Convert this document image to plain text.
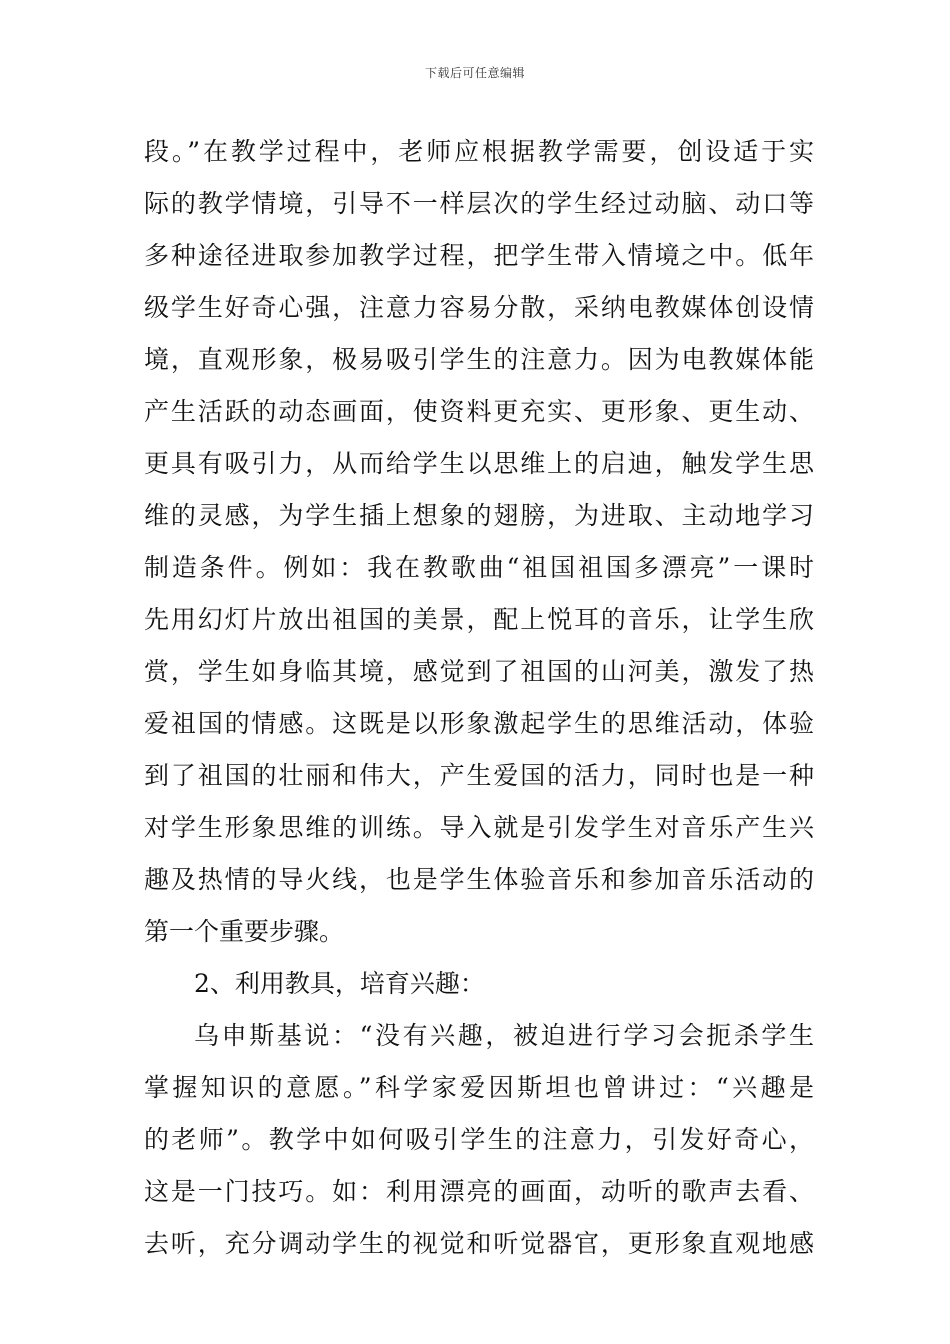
下载后可任意编辑
段。”在教学过程中，老师应根据教学需要，创设适于实
际的教学情境，引导不一样层次的学生经过动脑、动口等
多种途径进取参加教学过程，把学生带入情境之中。低年
级学生好奇心强，注意力容易分散，采纳电教媒体创设情
境，直观形象，极易吸引学生的注意力。因为电教媒体能
产生活跃的动态画面，使资料更充实、更形象、更生动、
更具有吸引力，从而给学生以思维上的启迪，触发学生思
维的灵感，为学生插上想象的翅膀，为进取、主动地学习
制造条件。例如：我在教歌曲“祖国祖国多漂亮”一课时
先用幻灯片放出祖国的美景，配上悦耳的音乐，让学生欣
赏，学生如身临其境，感觉到了祖国的山河美，激发了热
爱祖国的情感。这既是以形象激起学生的思维活动，体验
到了祖国的壮丽和伟大，产生爱国的活力，同时也是一种
对学生形象思维的训练。导入就是引发学生对音乐产生兴
趣及热情的导火线，也是学生体验音乐和参加音乐活动的
第一个重要步骤。
2、利用教具，培育兴趣：
乌申斯基说：“没有兴趣，被迫进行学习会扼杀学生
掌握知识的意愿。”科学家爱因斯坦也曾讲过：“兴趣是
的老师”。教学中如何吸引学生的注意力，引发好奇心，
这是一门技巧。如：利用漂亮的画面，动听的歌声去看、
去听，充分调动学生的视觉和听觉器官，更形象直观地感
